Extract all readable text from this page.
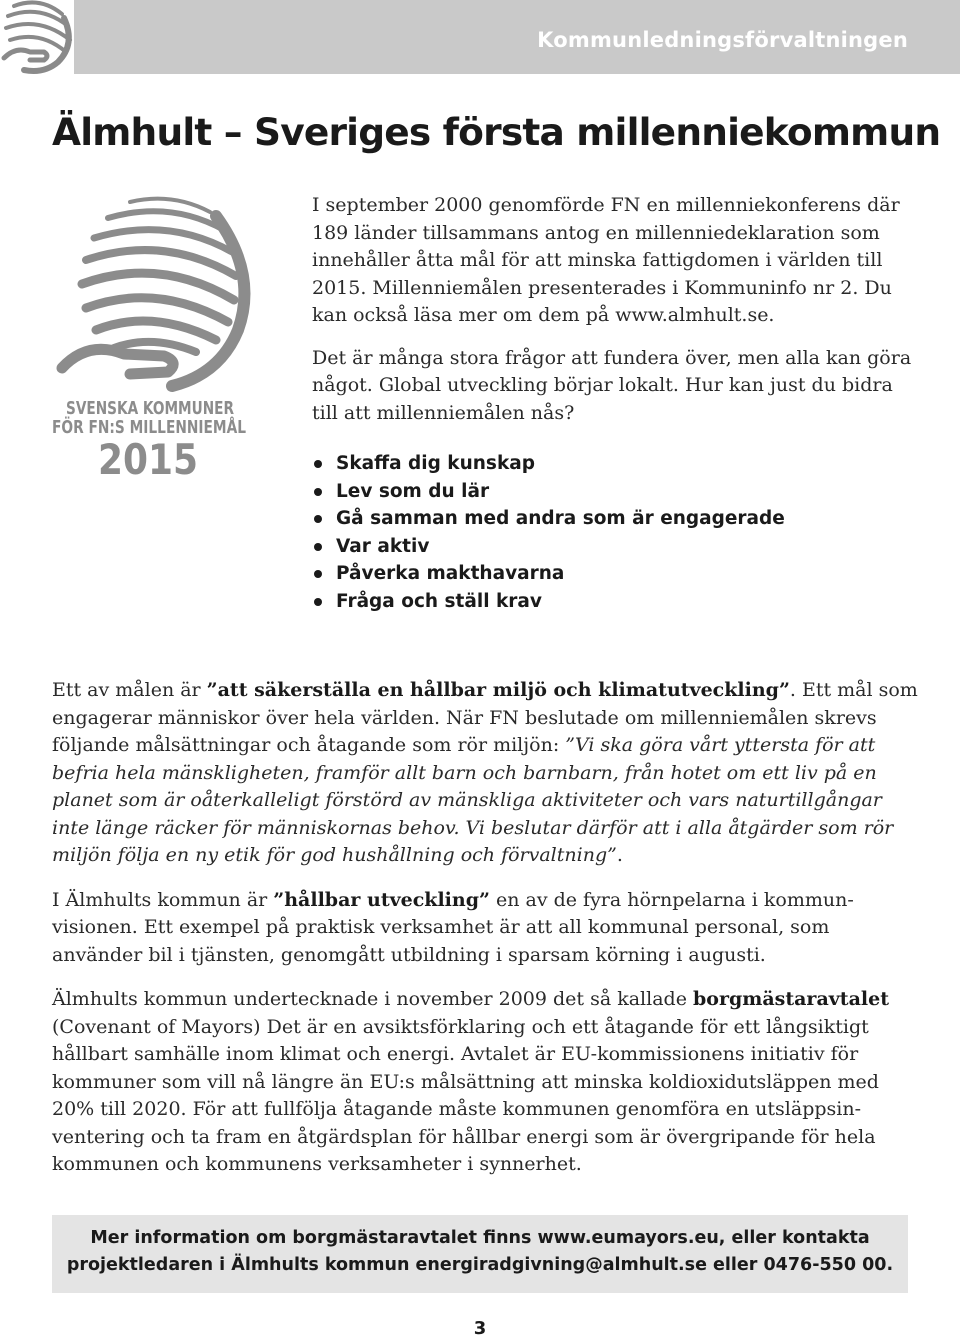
Kommunledningsförvaltningen
Älmhult – Sveriges första millenniekommun
SVENSKA KOMMUNER
FÖR FN:S MILLENNIEMÅL
2015

I september 2000 genomförde FN en millenniekonferens där 189 länder tillsammans antog en millenniedeklaration som innehåller åtta mål för att minska fattigdomen i världen till 2015. Millenniemålen presenterades i Kommuninfo nr 2. Du kan också läsa mer om dem på www.almhult.se.

Det är många stora frågor att fundera över, men alla kan göra något. Global utveckling börjar lokalt. Hur kan just du bidra till att millenniemålen nås?

Skaffa dig kunskap
Lev som du lär
Gå samman med andra som är engagerade
Var aktiv
Påverka makthavarna
Fråga och ställ krav

Ett av målen är ”att säkerställa en hållbar miljö och klimatutveckling”. Ett mål som engagerar människor över hela världen. När FN beslutade om millenniemålen skrevs följande målsättningar och åtagande som rör miljön: ”Vi ska göra vårt yttersta för att befria hela mänskligheten, framför allt barn och barnbarn, från hotet om ett liv på en planet som är oåterkalleligt förstörd av mänskliga aktiviteter och vars naturtillgångar inte länge räcker för människornas behov. Vi beslutar därför att i alla åtgärder som rör miljön följa en ny etik för god hushållning och förvaltning”.

I Älmhults kommun är ”hållbar utveckling” en av de fyra hörnpelarna i kommun-visionen. Ett exempel på praktisk verksamhet är att all kommunal personal, som använder bil i tjänsten, genomgått utbildning i sparsam körning i augusti.

Älmhults kommun undertecknade i november 2009 det så kallade borgmästaravtalet (Covenant of Mayors) Det är en avsiktsförklaring och ett åtagande för ett långsiktigt hållbart samhälle inom klimat och energi. Avtalet är EU-kommissionens initiativ för kommuner som vill nå längre än EU:s målsättning att minska koldioxidutsläppen med 20% till 2020. För att fullfölja åtagande måste kommunen genomföra en utsläppsin-ventering och ta fram en åtgärdsplan för hållbar energi som är övergripande för hela kommunen och kommunens verksamheter i synnerhet.

Mer information om borgmästaravtalet finns www.eumayors.eu, eller kontakta
projektledaren i Älmhults kommun energiradgivning@almhult.se eller 0476-550 00.
3
